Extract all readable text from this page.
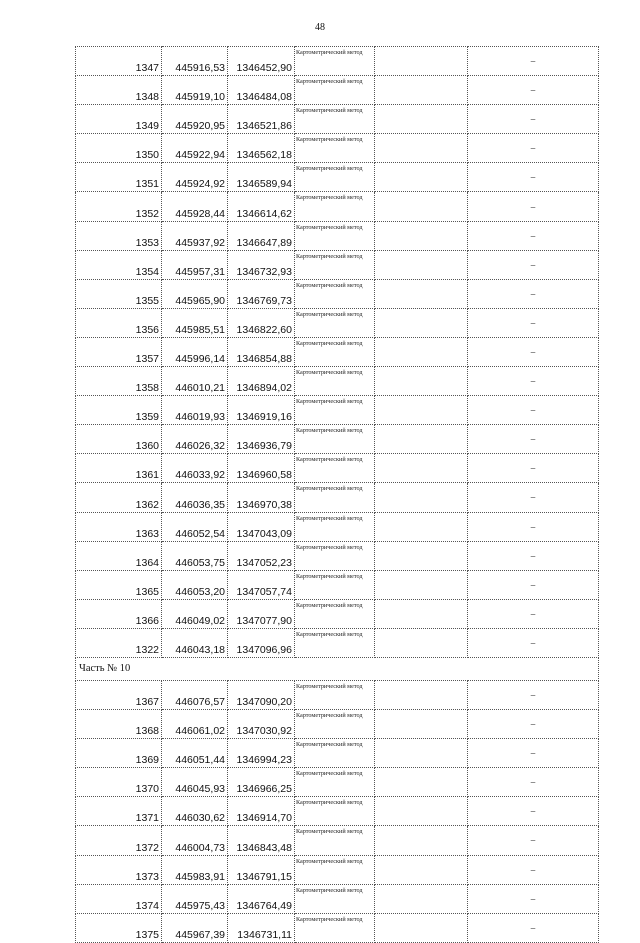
48
1347	445916,53	1346452,90	Картометрический метод		–
1348	445919,10	1346484,08	Картометрический метод		–
1349	445920,95	1346521,86	Картометрический метод		–
1350	445922,94	1346562,18	Картометрический метод		–
1351	445924,92	1346589,94	Картометрический метод		–
1352	445928,44	1346614,62	Картометрический метод		–
1353	445937,92	1346647,89	Картометрический метод		–
1354	445957,31	1346732,93	Картометрический метод		–
1355	445965,90	1346769,73	Картометрический метод		–
1356	445985,51	1346822,60	Картометрический метод		–
1357	445996,14	1346854,88	Картометрический метод		–
1358	446010,21	1346894,02	Картометрический метод		–
1359	446019,93	1346919,16	Картометрический метод		–
1360	446026,32	1346936,79	Картометрический метод		–
1361	446033,92	1346960,58	Картометрический метод		–
1362	446036,35	1346970,38	Картометрический метод		–
1363	446052,54	1347043,09	Картометрический метод		–
1364	446053,75	1347052,23	Картометрический метод		–
1365	446053,20	1347057,74	Картометрический метод		–
1366	446049,02	1347077,90	Картометрический метод		–
1322	446043,18	1347096,96	Картометрический метод		–
Часть № 10					
1367	446076,57	1347090,20	Картометрический метод		–
1368	446061,02	1347030,92	Картометрический метод		–
1369	446051,44	1346994,23	Картометрический метод		–
1370	446045,93	1346966,25	Картометрический метод		–
1371	446030,62	1346914,70	Картометрический метод		–
1372	446004,73	1346843,48	Картометрический метод		–
1373	445983,91	1346791,15	Картометрический метод		–
1374	445975,43	1346764,49	Картометрический метод		–
1375	445967,39	1346731,11	Картометрический метод		–
